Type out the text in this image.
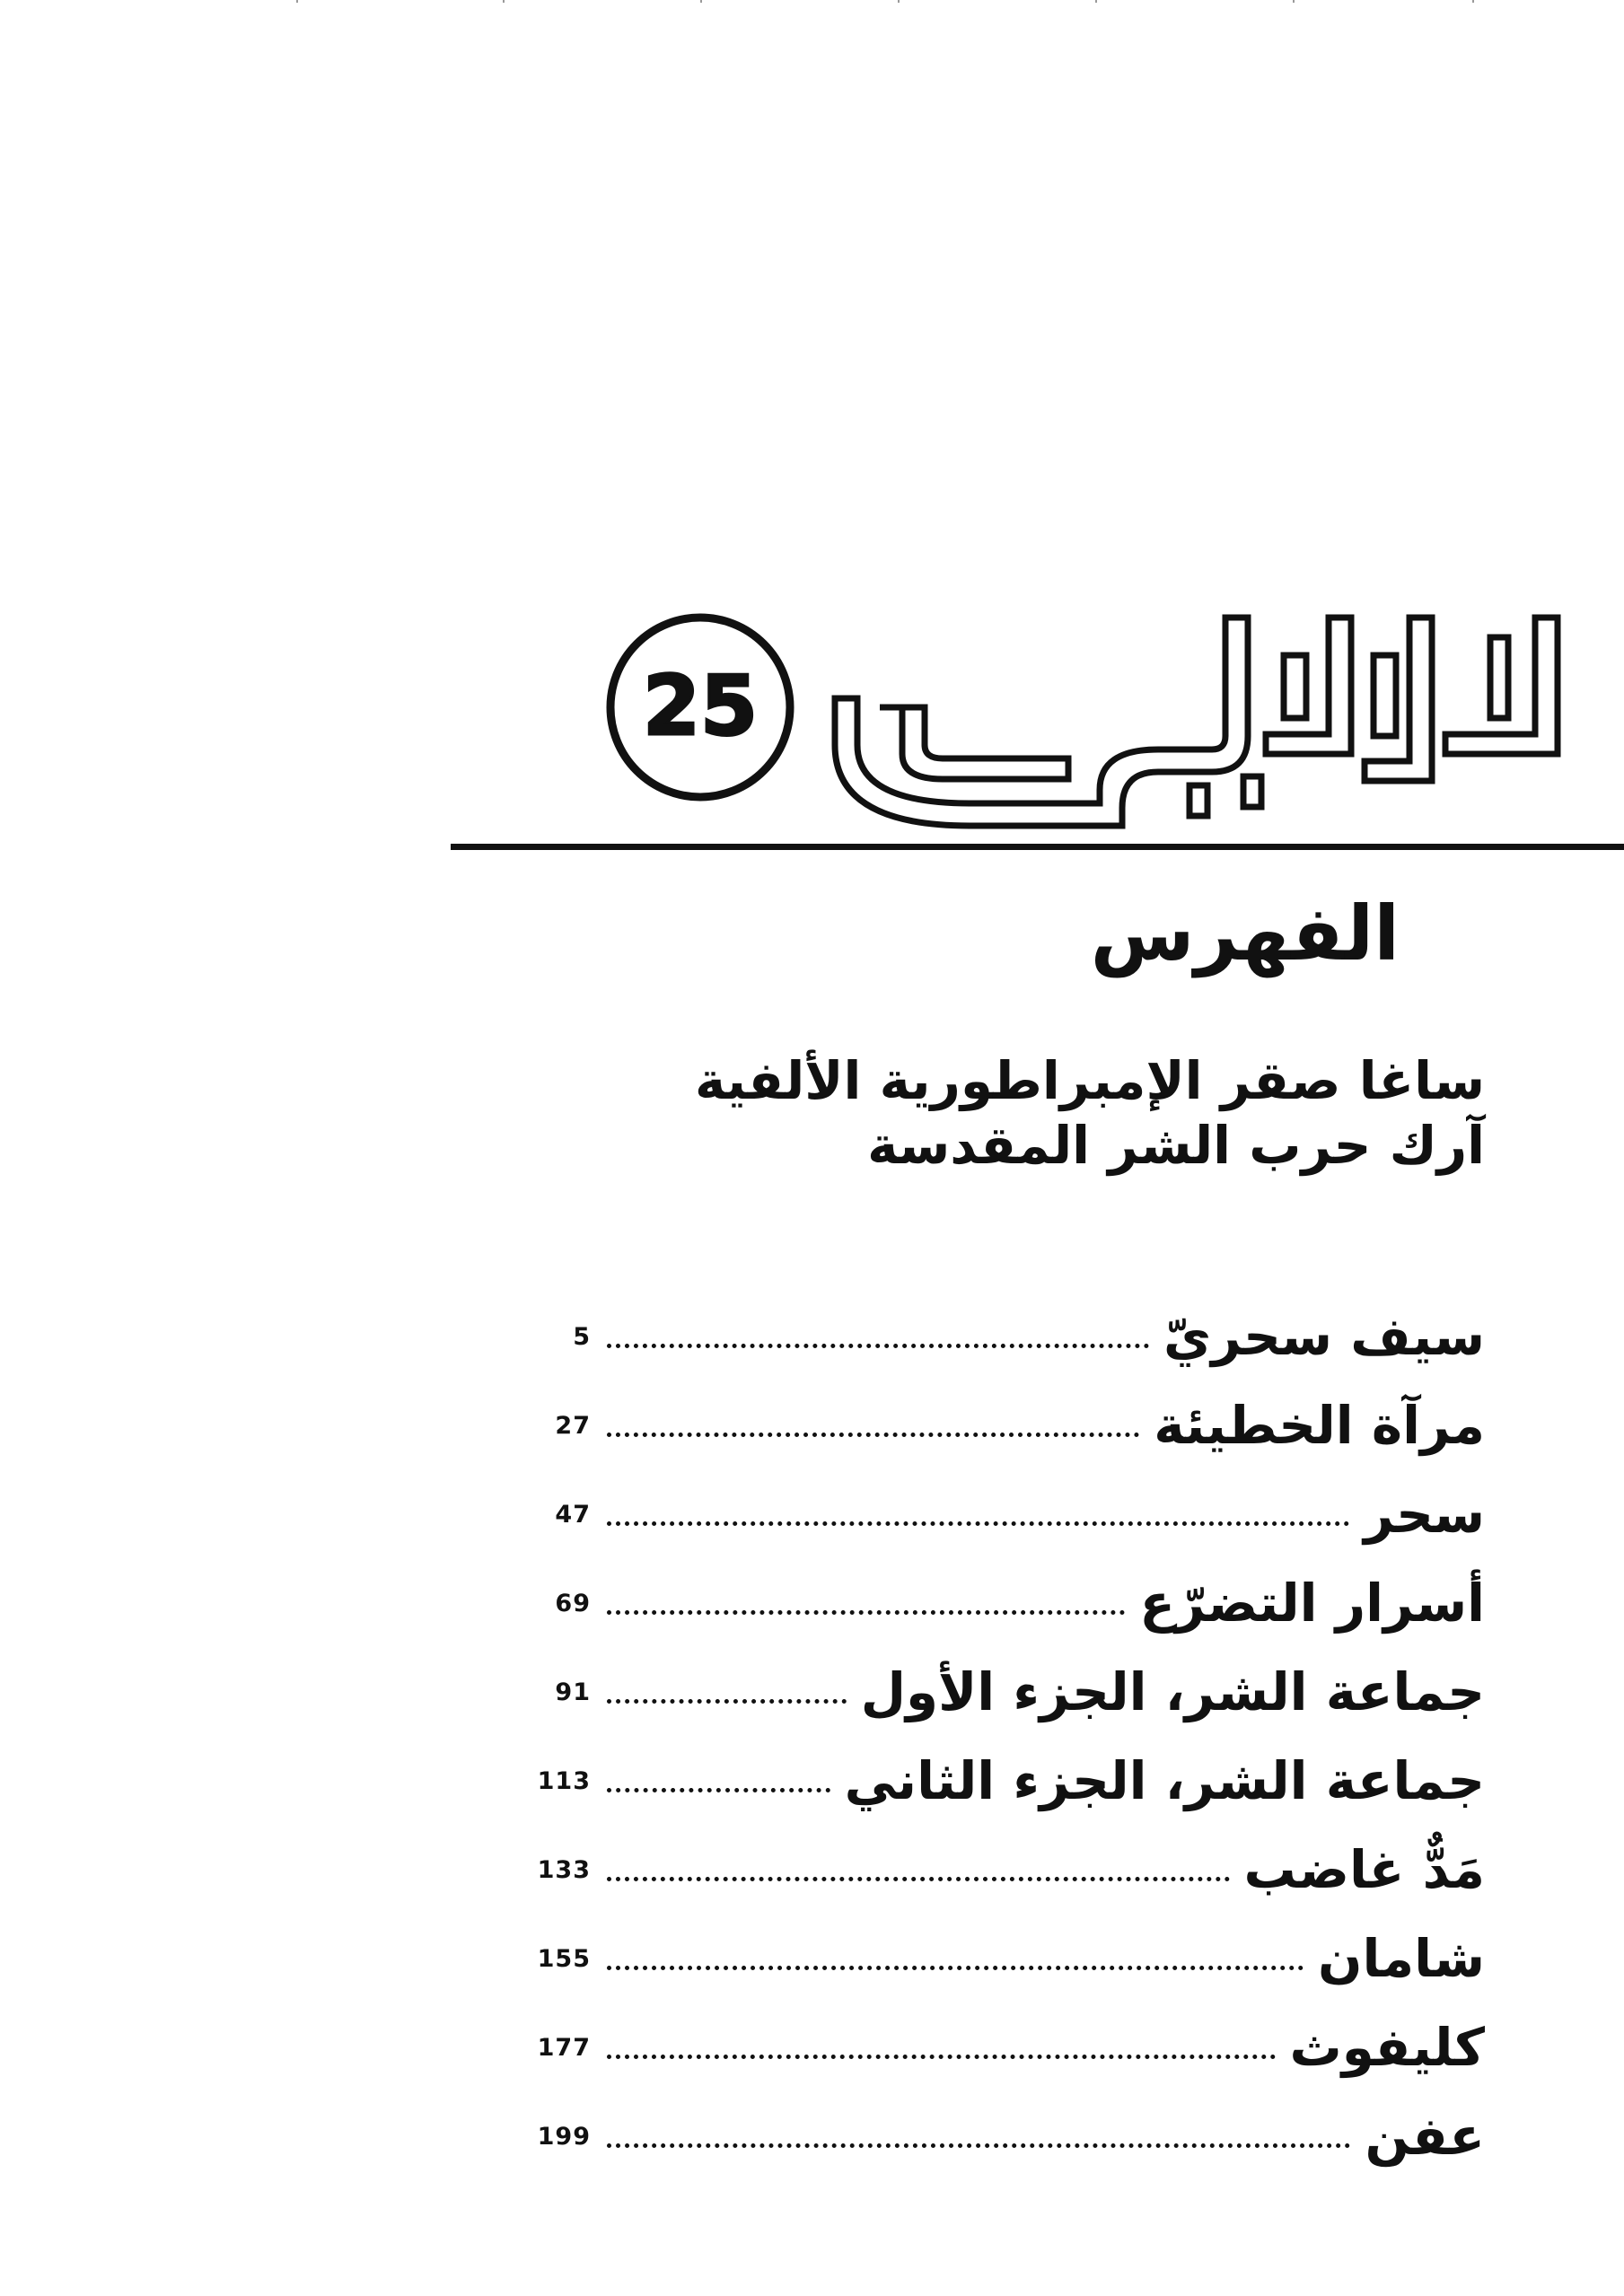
25
الفهرس
ساغا صقر الإمبراطورية الألفية
آرك حرب الشر المقدسة
سيف سحريّ
5
مرآة الخطيئة
27
سحر
47
أسرار التضرّع
69
جماعة الشر، الجزء الأول
91
جماعة الشر، الجزء الثاني
113
مَدٌّ غاضب
133
شامان
155
كليفوث
177
عفن
199
